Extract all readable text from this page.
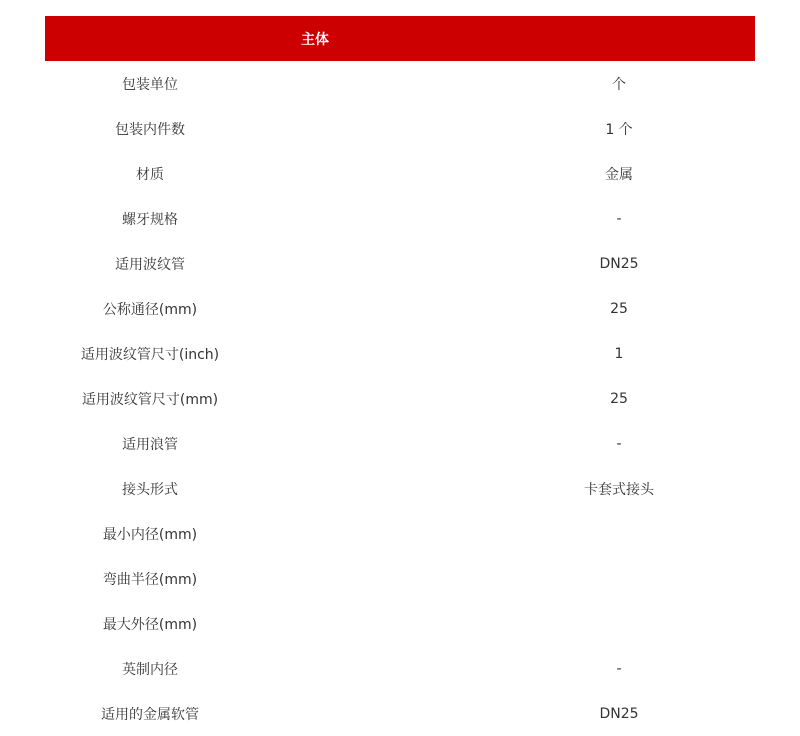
主体
包装单位	个
包装内件数	1 个
材质	金属
螺牙规格	-
适用波纹管	DN25
公称通径(mm)	25
适用波纹管尺寸(inch)	1
适用波纹管尺寸(mm)	25
适用浪管	-
接头形式	卡套式接头
最小内径(mm)
弯曲半径(mm)
最大外径(mm)
英制内径	-
适用的金属软管	DN25
